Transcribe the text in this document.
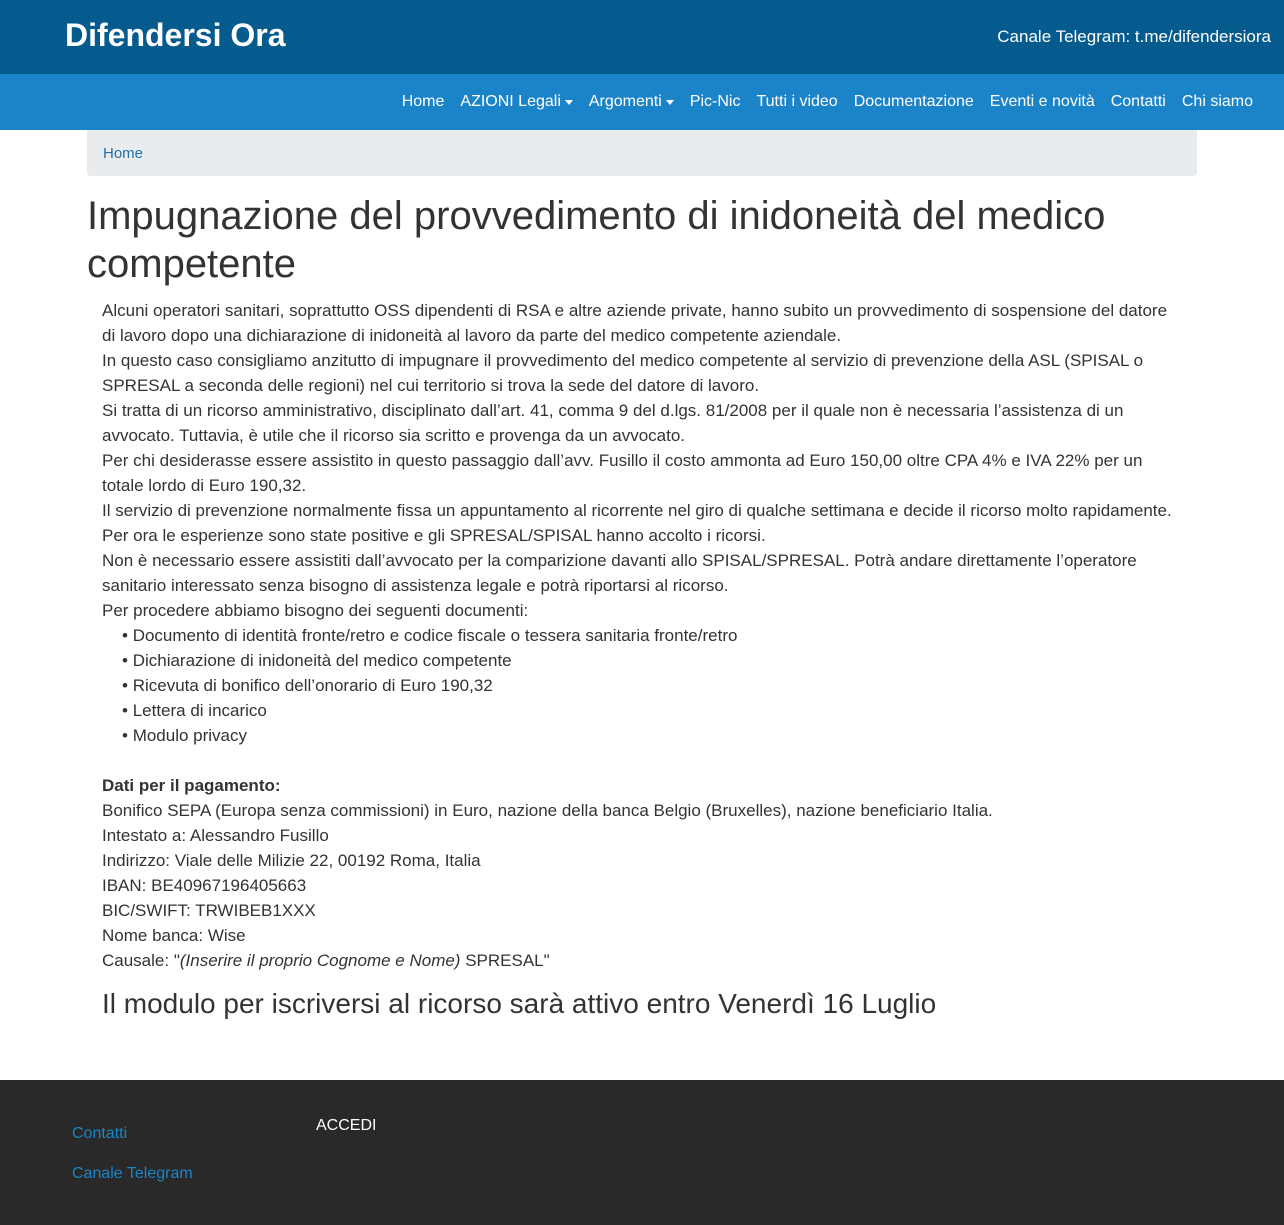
Difendersi Ora	Canale Telegram: t.me/difendersiora
Home AZIONI Legali Argomenti Pic-Nic Tutti i video Documentazione Eventi e novità Contatti Chi siamo
Home
Impugnazione del provvedimento di inidoneità del medico competente

Alcuni operatori sanitari, soprattutto OSS dipendenti di RSA e altre aziende private, hanno subito un provvedimento di sospensione del datore di lavoro dopo una dichiarazione di inidoneità al lavoro da parte del medico competente aziendale.

In questo caso consigliamo anzitutto di impugnare il provvedimento del medico competente al servizio di prevenzione della ASL (SPISAL o SPRESAL a seconda delle regioni) nel cui territorio si trova la sede del datore di lavoro.

Si tratta di un ricorso amministrativo, disciplinato dall’art. 41, comma 9 del d.lgs. 81/2008 per il quale non è necessaria l’assistenza di un avvocato. Tuttavia, è utile che il ricorso sia scritto e provenga da un avvocato.

Per chi desiderasse essere assistito in questo passaggio dall’avv. Fusillo il costo ammonta ad Euro 150,00 oltre CPA 4% e IVA 22% per un totale lordo di Euro 190,32.

Il servizio di prevenzione normalmente fissa un appuntamento al ricorrente nel giro di qualche settimana e decide il ricorso molto rapidamente.

Per ora le esperienze sono state positive e gli SPRESAL/SPISAL hanno accolto i ricorsi.

Non è necessario essere assistiti dall’avvocato per la comparizione davanti allo SPISAL/SPRESAL. Potrà andare direttamente l’operatore sanitario interessato senza bisogno di assistenza legale e potrà riportarsi al ricorso.

Per procedere abbiamo bisogno dei seguenti documenti:

• Documento di identità fronte/retro e codice fiscale o tessera sanitaria fronte/retro
• Dichiarazione di inidoneità del medico competente
• Ricevuta di bonifico dell’onorario di Euro 190,32
• Lettera di incarico
• Modulo privacy

Dati per il pagamento:

Bonifico SEPA (Europa senza commissioni) in Euro, nazione della banca Belgio (Bruxelles), nazione beneficiario Italia.

Intestato a: Alessandro Fusillo

Indirizzo: Viale delle Milizie 22, 00192 Roma, Italia

IBAN: BE40967196405663

BIC/SWIFT: TRWIBEB1XXX

Nome banca: Wise

Causale: "(Inserire il proprio Cognome e Nome) SPRESAL"

Il modulo per iscriversi al ricorso sarà attivo entro Venerdì 16 Luglio
Contatti
Canale Telegram
ACCEDI
